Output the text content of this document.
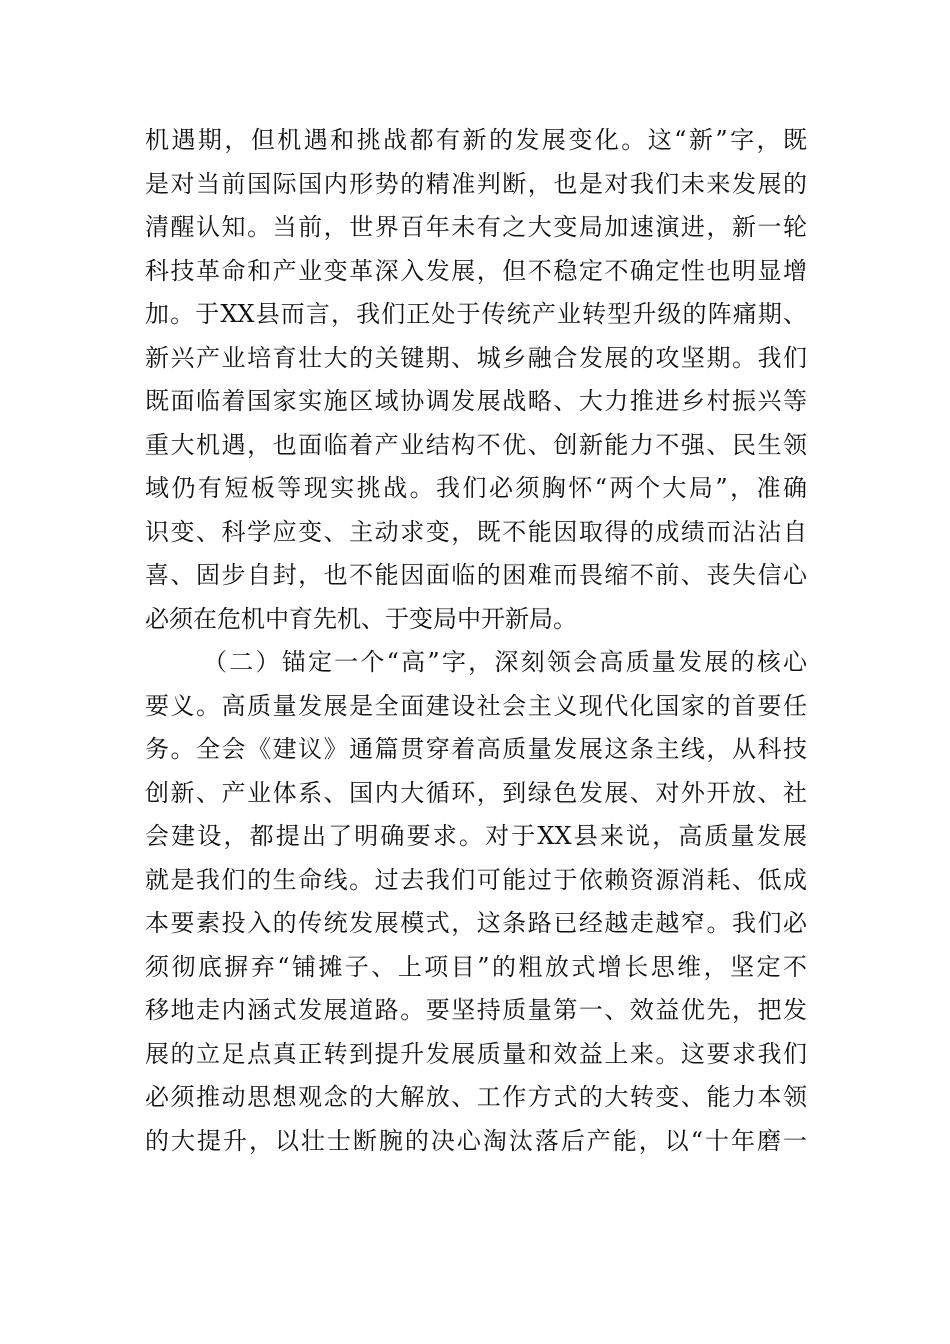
机遇期，但机遇和挑战都有新的发展变化。这“新”字，既
是对当前国际国内形势的精准判断，也是对我们未来发展的
清醒认知。当前，世界百年未有之大变局加速演进，新一轮
科技革命和产业变革深入发展，但不稳定不确定性也明显增
加。于XX县而言，我们正处于传统产业转型升级的阵痛期、
新兴产业培育壮大的关键期、城乡融合发展的攻坚期。我们
既面临着国家实施区域协调发展战略、大力推进乡村振兴等
重大机遇，也面临着产业结构不优、创新能力不强、民生领
域仍有短板等现实挑战。我们必须胸怀“两个大局”，准确
识变、科学应变、主动求变，既不能因取得的成绩而沾沾自
喜、固步自封，也不能因面临的困难而畏缩不前、丧失信心
必须在危机中育先机、于变局中开新局。
（二）锚定一个“高”字，深刻领会高质量发展的核心
要义。高质量发展是全面建设社会主义现代化国家的首要任
务。全会《建议》通篇贯穿着高质量发展这条主线，从科技
创新、产业体系、国内大循环，到绿色发展、对外开放、社
会建设，都提出了明确要求。对于XX县来说，高质量发展
就是我们的生命线。过去我们可能过于依赖资源消耗、低成
本要素投入的传统发展模式，这条路已经越走越窄。我们必
须彻底摒弃“铺摊子、上项目”的粗放式增长思维，坚定不
移地走内涵式发展道路。要坚持质量第一、效益优先，把发
展的立足点真正转到提升发展质量和效益上来。这要求我们
必须推动思想观念的大解放、工作方式的大转变、能力本领
的大提升，以壮士断腕的决心淘汰落后产能，以“十年磨一
